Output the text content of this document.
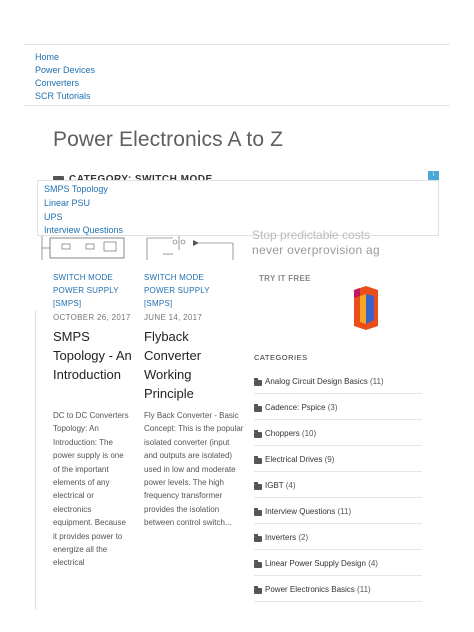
Home
Power Devices
Converters
SCR Tutorials
Power Electronics A to Z
i
SMPS Topology
Linear PSU
UPS
Interview Questions
SWITCH MODE
POWER SUPPLY
[SMPS]
OCTOBER 26, 2017
SMPS Topology - An Introduction
DC to DC Converters Topology: An Introduction: The power supply is one of the important elements of any electrical or electronics equipment. Because it provides power to energize all the electrical
SWITCH MODE
POWER SUPPLY
[SMPS]
JUNE 14, 2017
Flyback Converter Working Principle
Fly Back Converter - Basic Concept: This is the popular isolated converter (input and outputs are isolated) used in low and moderate power levels. The high frequency transformer provides the isolation between control switch...
Stop predictable costs
never overprovision ag
TRY IT FREE
CATEGORIES
Analog Circuit Design Basics (11)
Cadence: Pspice (3)
Choppers (10)
Electrical Drives (9)
IGBT (4)
Interview Questions (11)
Inverters (2)
Linear Power Supply Design (4)
Power Electronics Basics (11)
